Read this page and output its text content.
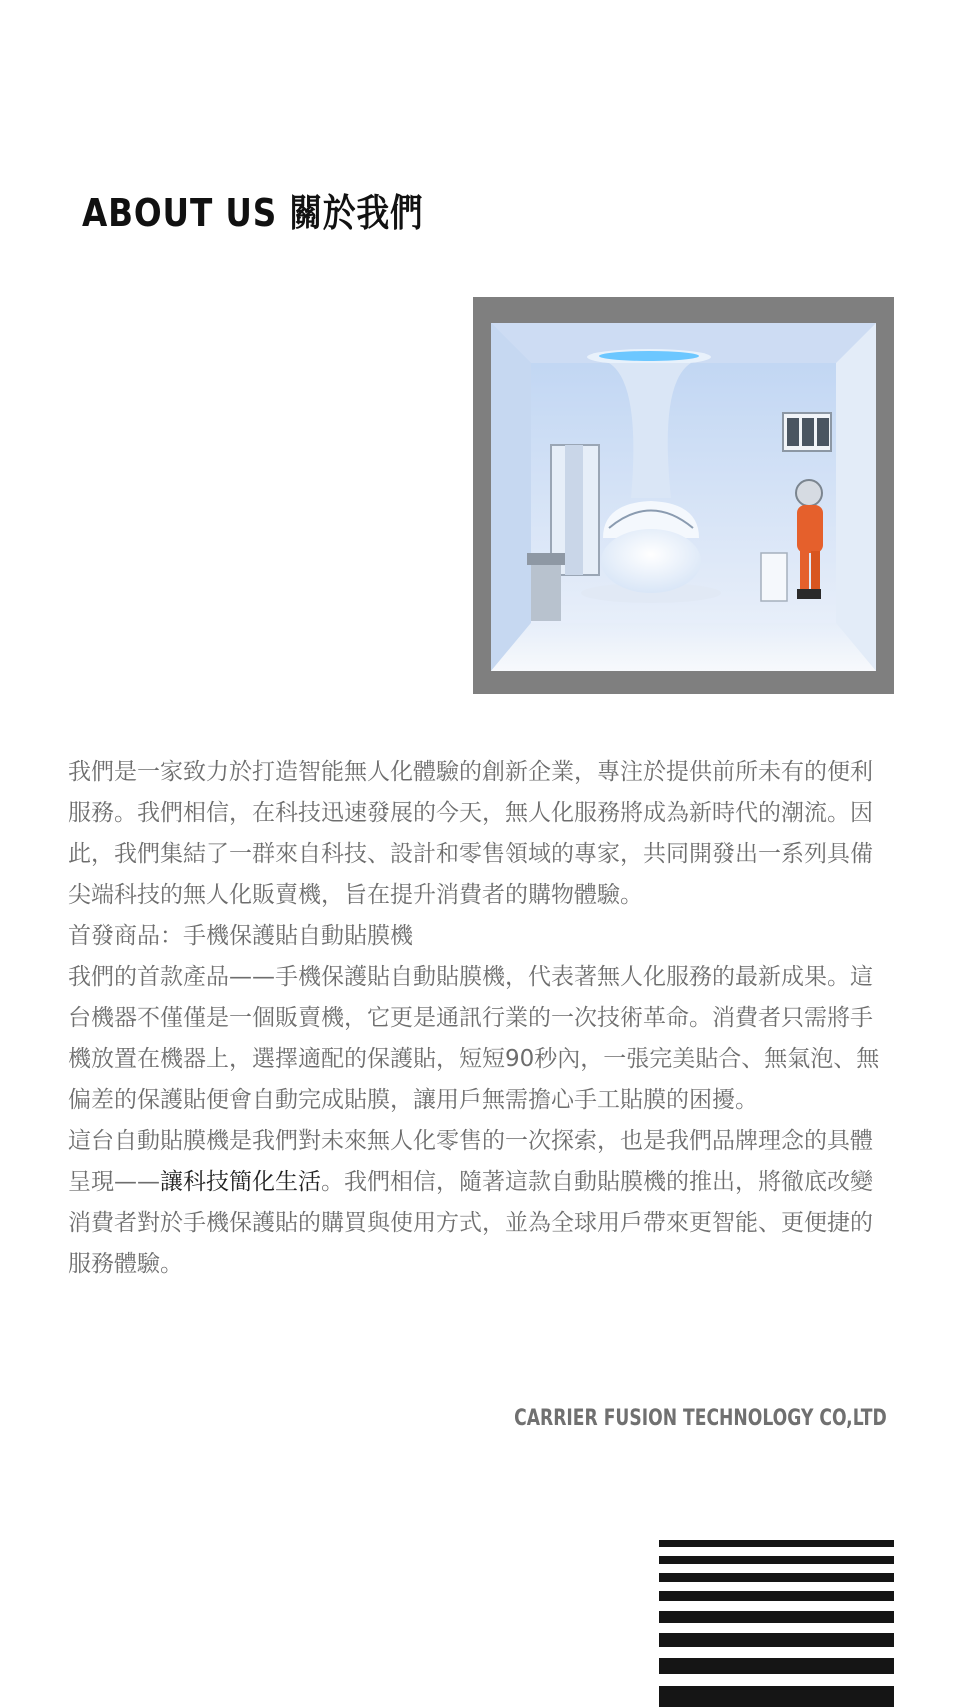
ABOUT US 關於我們

我們是一家致力於打造智能無人化體驗的創新企業，專注於提供前所未有的便利服務。我們相信，在科技迅速發展的今天，無人化服務將成為新時代的潮流。因此，我們集結了一群來自科技、設計和零售領域的專家，共同開發出一系列具備尖端科技的無人化販賣機，旨在提升消費者的購物體驗。

首發商品：手機保護貼自動貼膜機

我們的首款產品——手機保護貼自動貼膜機，代表著無人化服務的最新成果。這台機器不僅僅是一個販賣機，它更是通訊行業的一次技術革命。消費者只需將手機放置在機器上，選擇適配的保護貼，短短90秒內，一張完美貼合、無氣泡、無偏差的保護貼便會自動完成貼膜，讓用戶無需擔心手工貼膜的困擾。

這台自動貼膜機是我們對未來無人化零售的一次探索，也是我們品牌理念的具體呈現——讓科技簡化生活。我們相信，隨著這款自動貼膜機的推出，將徹底改變消費者對於手機保護貼的購買與使用方式，並為全球用戶帶來更智能、更便捷的服務體驗。

CARRIER FUSION TECHNOLOGY CO,LTD
